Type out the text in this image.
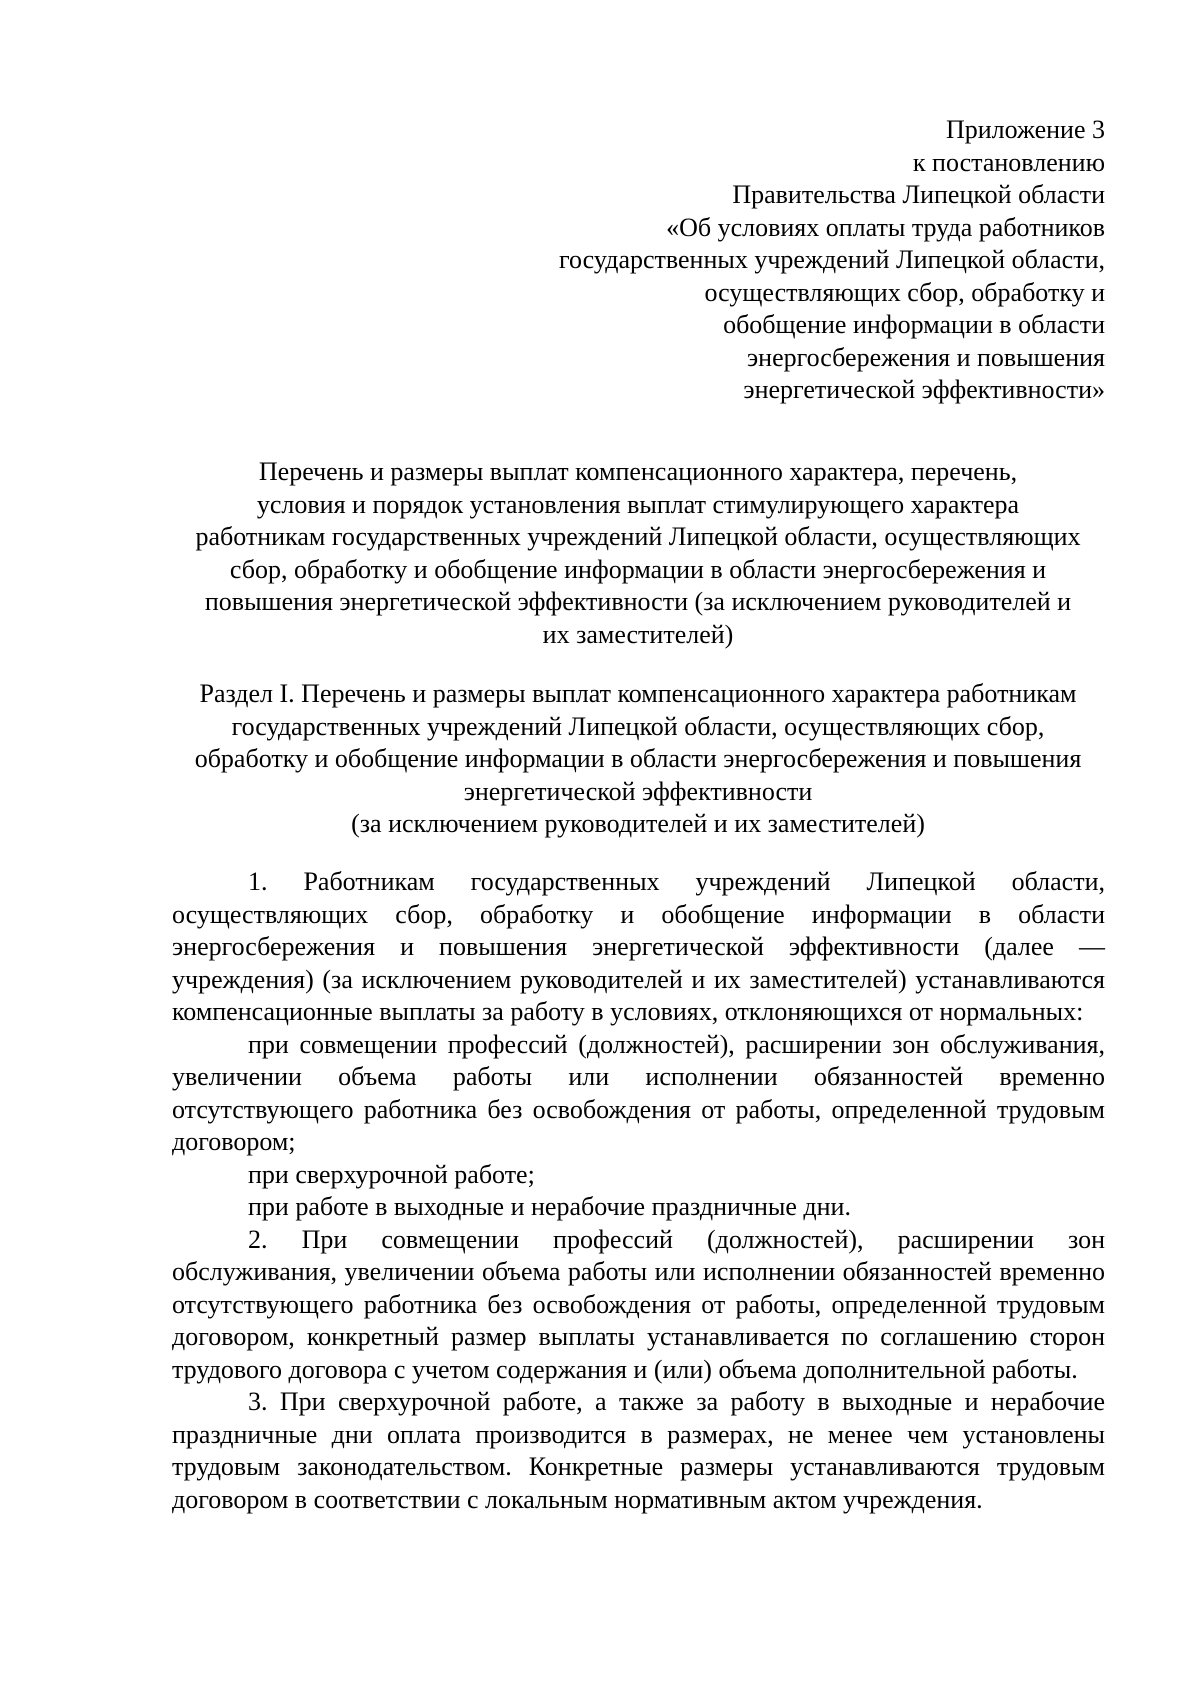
Приложение 3
к постановлению
Правительства Липецкой области
«Об условиях оплаты труда работников
государственных учреждений Липецкой области,
осуществляющих сбор, обработку и
обобщение информации в области
энергосбережения и повышения
энергетической эффективности»
Перечень и размеры выплат компенсационного характера, перечень,
условия и порядок установления выплат стимулирующего характера
работникам государственных учреждений Липецкой области, осуществляющих
сбор, обработку и обобщение информации в области энергосбережения и
повышения энергетической эффективности (за исключением руководителей и
их заместителей)
Раздел I. Перечень и размеры выплат компенсационного характера работникам
государственных учреждений Липецкой области, осуществляющих сбор,
обработку и обобщение информации в области энергосбережения и повышения
энергетической эффективности
(за исключением руководителей и их заместителей)

1. Работникам государственных учреждений Липецкой области, осуществляющих сбор, обработку и обобщение информации в области энергосбережения и повышения энергетической эффективности (далее — учреждения) (за исключением руководителей и их заместителей) устанавливаются компенсационные выплаты за работу в условиях, отклоняющихся от нормальных:

при совмещении профессий (должностей), расширении зон обслуживания, увеличении объема работы или исполнении обязанностей временно отсутствующего работника без освобождения от работы, определенной трудовым договором;

при сверхурочной работе;

при работе в выходные и нерабочие праздничные дни.

2. При совмещении профессий (должностей), расширении зон обслуживания, увеличении объема работы или исполнении обязанностей временно отсутствующего работника без освобождения от работы, определенной трудовым договором, конкретный размер выплаты устанавливается по соглашению сторон трудового договора с учетом содержания и (или) объема дополнительной работы.

3. При сверхурочной работе, а также за работу в выходные и нерабочие праздничные дни оплата производится в размерах, не менее чем установлены трудовым законодательством. Конкретные размеры устанавливаются трудовым договором в соответствии с локальным нормативным актом учреждения.
